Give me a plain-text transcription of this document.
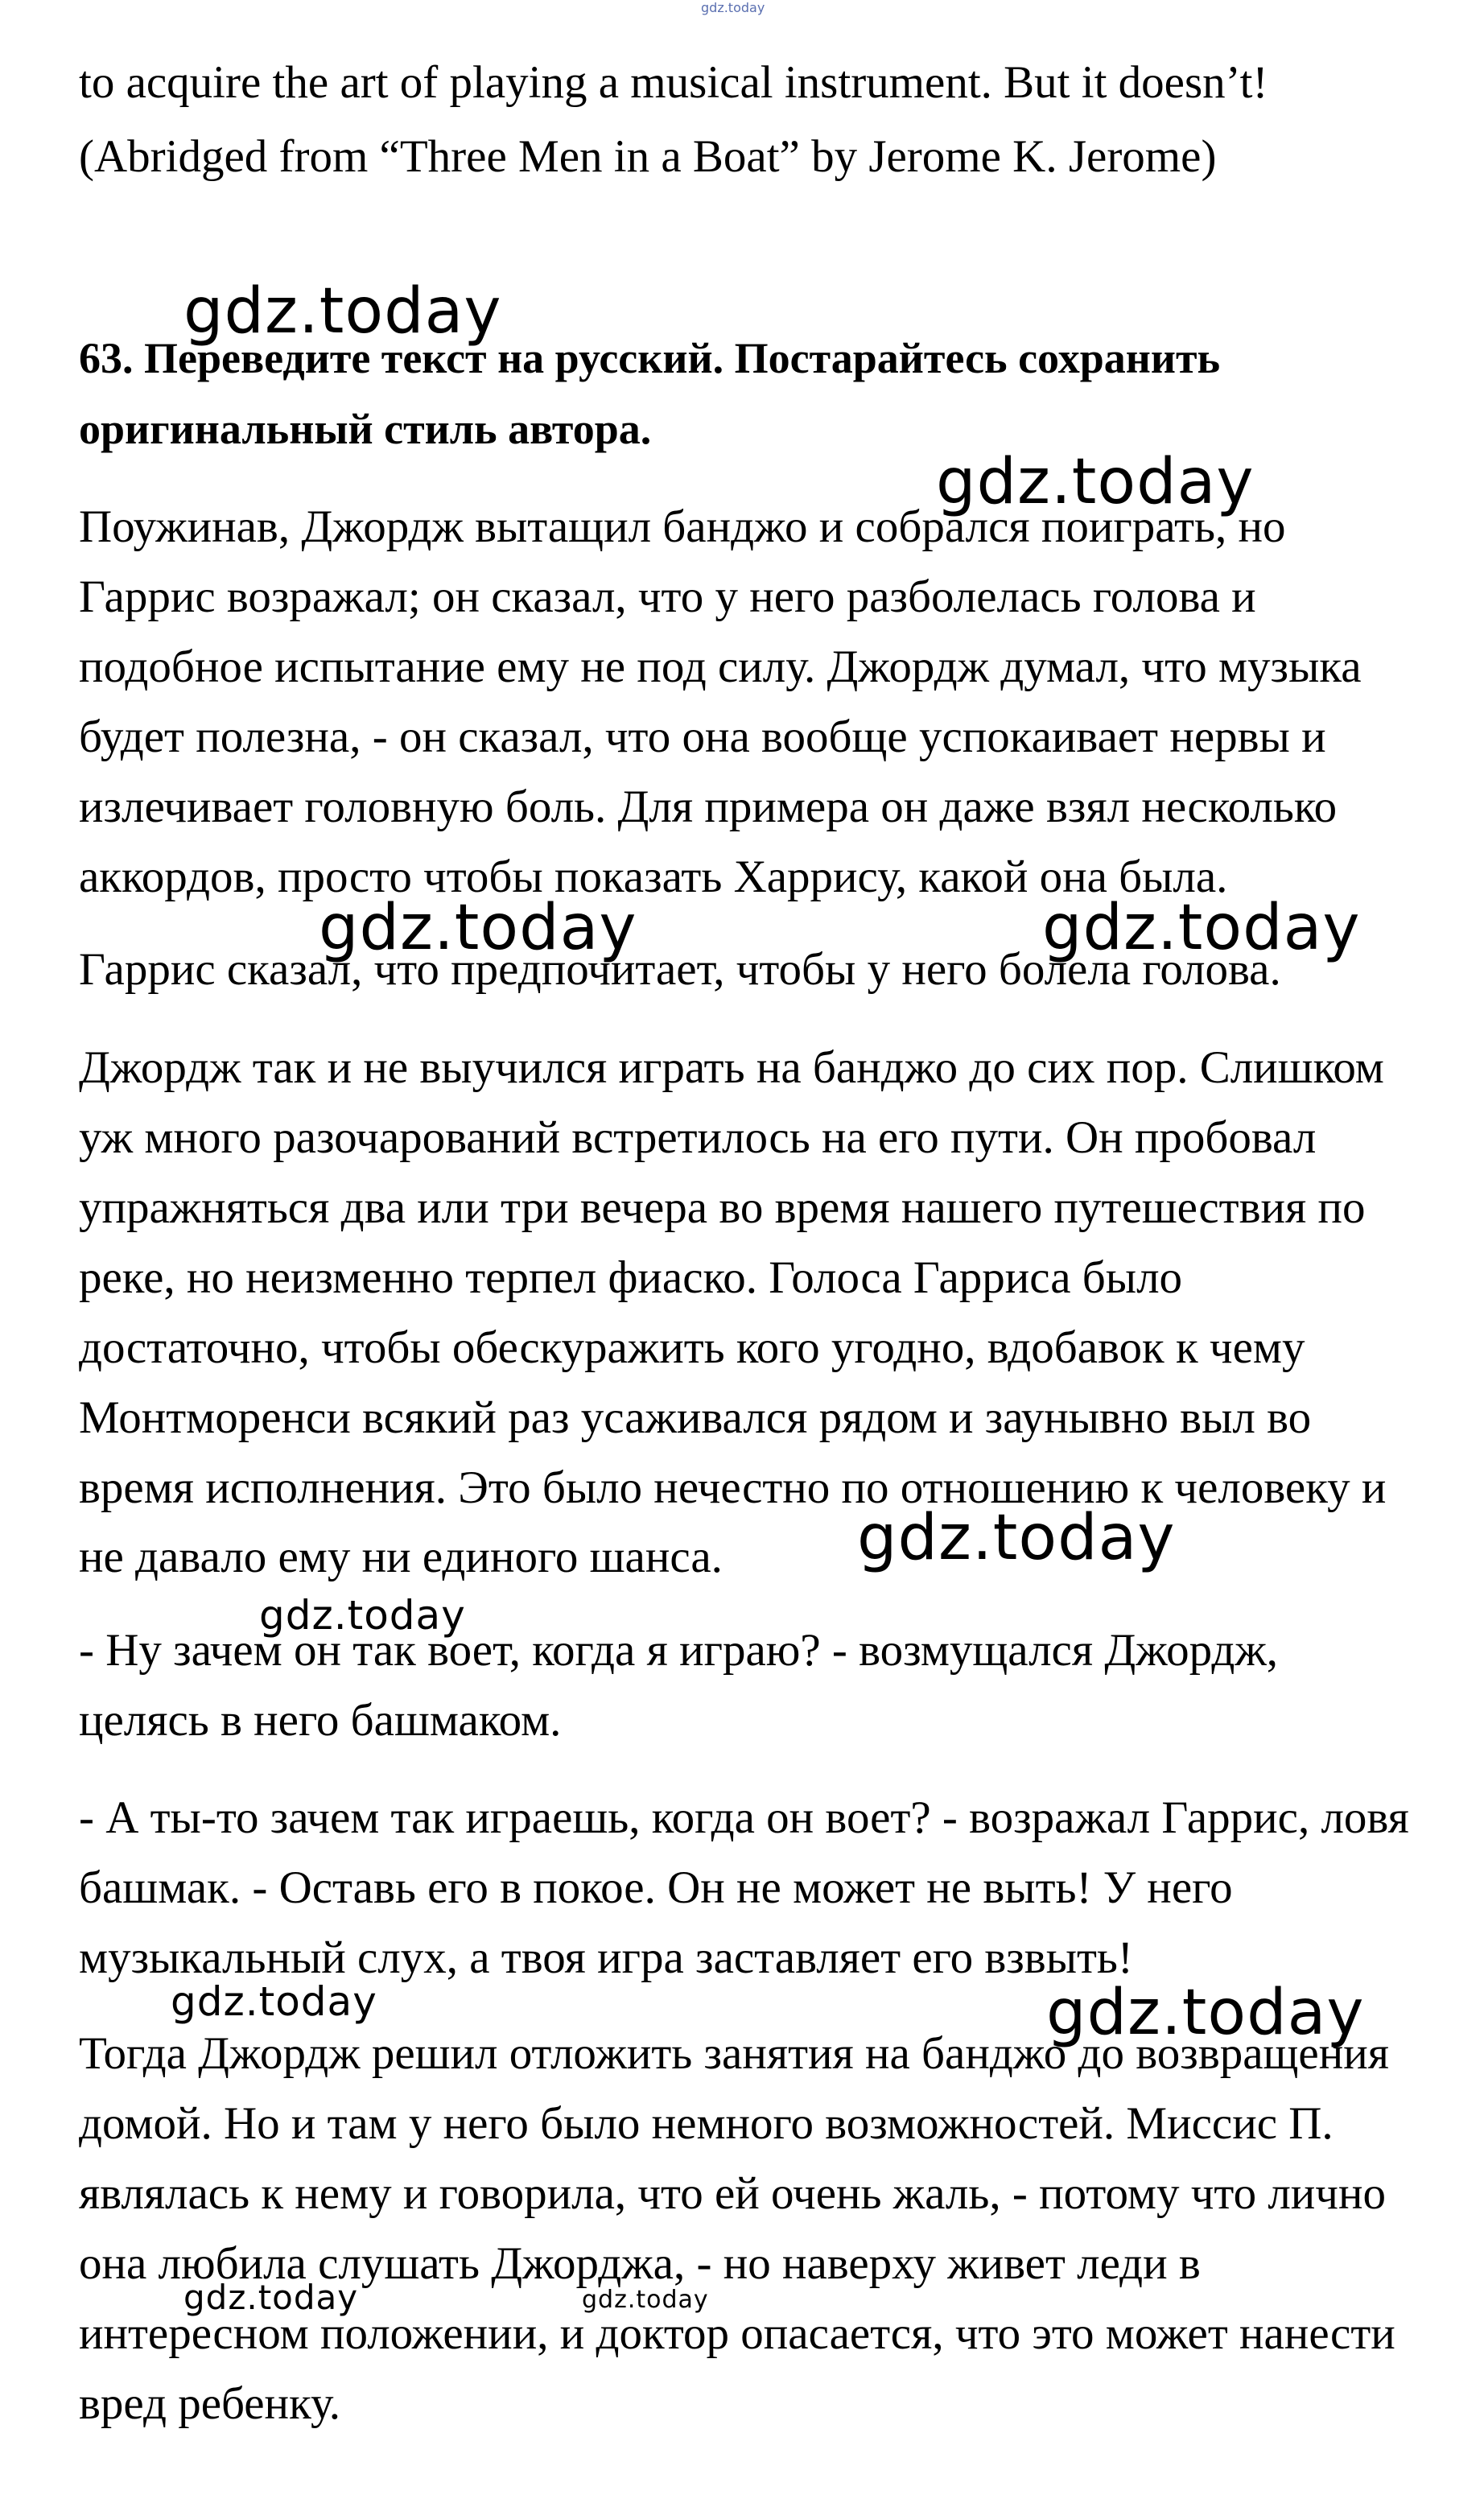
gdz.today
to acquire the art of playing a musical instrument. But it doesn’t!
(Abridged from “Three Men in a Boat” by Jerome K. Jerome)
gdz.today
63. Переведите текст на русский. Постарайтесь сохранить
оригинальный стиль автора.
gdz.today
Поужинав, Джордж вытащил банджо и собрался поиграть, но
Гаррис возражал; он сказал, что у него разболелась голова и
подобное испытание ему не под силу. Джордж думал, что музыка
будет полезна, - он сказал, что она вообще успокаивает нервы и
излечивает головную боль. Для примера он даже взял несколько
аккордов, просто чтобы показать Харрису, какой она была.
gdz.today	gdz.today
Гаррис сказал, что предпочитает, чтобы у него болела голова.
Джордж так и не выучился играть на банджо до сих пор. Слишком
уж много разочарований встретилось на его пути. Он пробовал
упражняться два или три вечера во время нашего путешествия по
реке, но неизменно терпел фиаско. Голоса Гарриса было
достаточно, чтобы обескуражить кого угодно, вдобавок к чему
Монтморенси всякий раз усаживался рядом и заунывно выл во
время исполнения. Это было нечестно по отношению к человеку и
gdz.today
не давало ему ни единого шанса.
gdz.today
- Ну зачем он так воет, когда я играю? - возмущался Джордж,
целясь в него башмаком.
- А ты-то зачем так играешь, когда он воет? - возражал Гаррис, ловя
башмак. - Оставь его в покое. Он не может не выть! У него
музыкальный слух, а твоя игра заставляет его взвыть!
gdz.today	gdz.today
Тогда Джордж решил отложить занятия на банджо до возвращения
домой. Но и там у него было немного возможностей. Миссис П.
являлась к нему и говорила, что ей очень жаль, - потому что лично
она любила слушать Джорджа, - но наверху живет леди в
gdz.today	gdz.today
интересном положении, и доктор опасается, что это может нанести
вред ребенку.
